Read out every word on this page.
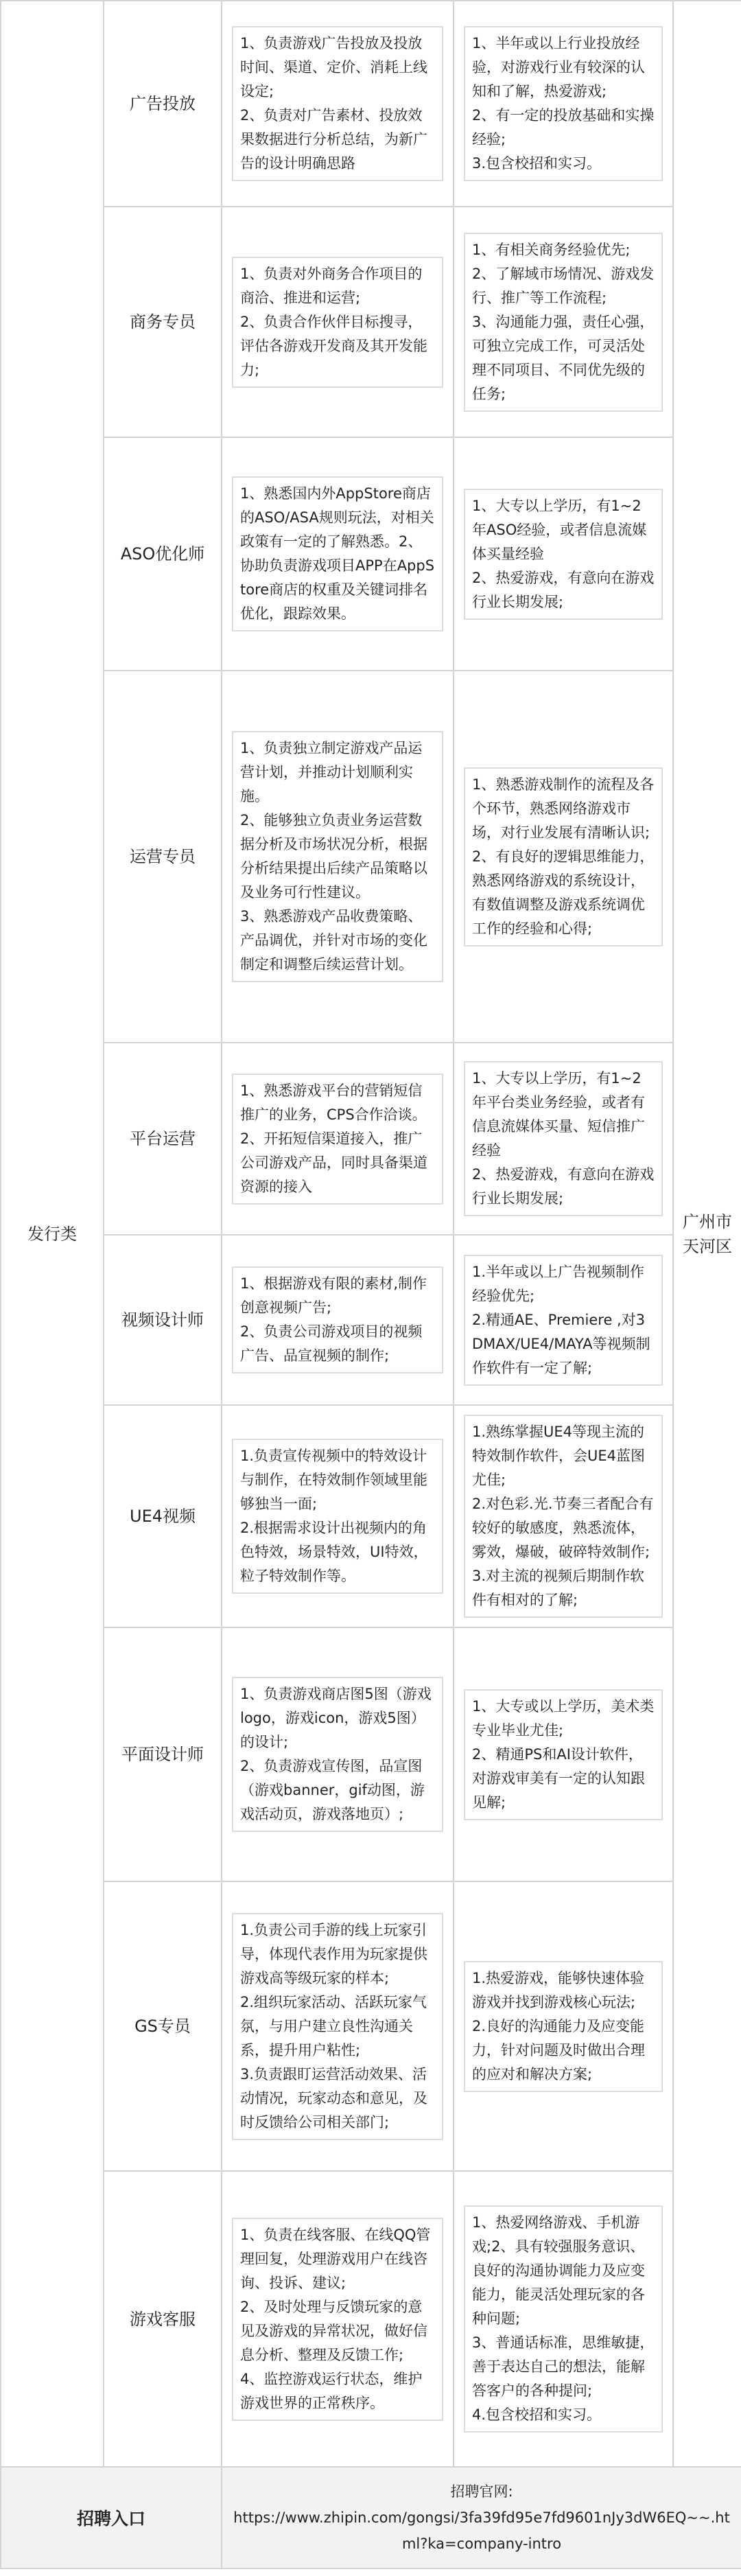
发行类	广告投放	1、负责游戏广告投放及投放时间、渠道、定价、消耗上线设定;
2、负责对广告素材、投放效果数据进行分析总结，为新广告的设计明确思路	1、半年或以上行业投放经验，对游戏行业有较深的认知和了解，热爱游戏;
2、有一定的投放基础和实操经验;
3.包含校招和实习。	广州市天河区
	商务专员	1、负责对外商务合作项目的商洽、推进和运营;
2、负责合作伙伴目标搜寻，评估各游戏开发商及其开发能力;	1、有相关商务经验优先;
2、了解域市场情况、游戏发行、推广等工作流程;
3、沟通能力强，责任心强，可独立完成工作，可灵活处理不同项目、不同优先级的任务;	

	ASO优化师	1、熟悉国内外AppStore商店的ASO/ASA规则玩法，对相关政策有一定的了解熟悉。2、协助负责游戏项目APP在AppStore商店的权重及关键词排名优化，跟踪效果。	1、大专以上学历，有1~2年ASO经验，或者信息流媒体买量经验
2、热爱游戏，有意向在游戏行业长期发展;	

	运营专员	1、负责独立制定游戏产品运营计划，并推动计划顺利实施。
2、能够独立负责业务运营数据分析及市场状况分析，根据分析结果提出后续产品策略以及业务可行性建议。
3、熟悉游戏产品收费策略、产品调优，并针对市场的变化制定和调整后续运营计划。	1、熟悉游戏制作的流程及各个环节，熟悉网络游戏市场，对行业发展有清晰认识;
2、有良好的逻辑思维能力，熟悉网络游戏的系统设计，有数值调整及游戏系统调优工作的经验和心得;	

	平台运营	1、熟悉游戏平台的营销短信推广的业务，CPS合作洽谈。
2、开拓短信渠道接入，推广公司游戏产品，同时具备渠道资源的接入	1、大专以上学历，有1~2年平台类业务经验，或者有信息流媒体买量、短信推广经验
2、热爱游戏，有意向在游戏行业长期发展;	

	视频设计师	1、根据游戏有限的素材,制作创意视频广告;
2、负责公司游戏项目的视频广告、品宣视频的制作;	1.半年或以上广告视频制作经验优先;
2.精通AE、Premiere ,对3DMAX/UE4/MAYA等视频制作软件有一定了解;	

	UE4视频	1.负责宣传视频中的特效设计与制作，在特效制作领域里能够独当一面;
2.根据需求设计出视频内的角色特效，场景特效，UI特效，粒子特效制作等。	1.熟练掌握UE4等现主流的特效制作软件，会UE4蓝图尤佳;
2.对色彩.光.节奏三者配合有较好的敏感度，熟悉流体，雾效，爆破，破碎特效制作;
3.对主流的视频后期制作软件有相对的了解;	

	平面设计师	1、负责游戏商店图5图（游戏logo，游戏icon，游戏5图）的设计;
2、负责游戏宣传图，品宣图（游戏banner，gif动图，游戏活动页，游戏落地页）;	1、大专或以上学历，美术类专业毕业尤佳;
2、精通PS和AI设计软件，对游戏审美有一定的认知跟见解;	

	GS专员	1.负责公司手游的线上玩家引导，体现代表作用为玩家提供游戏高等级玩家的样本;
2.组织玩家活动、活跃玩家气氛，与用户建立良性沟通关系，提升用户粘性;
3.负责跟盯运营活动效果、活动情况，玩家动态和意见，及时反馈给公司相关部门;	1.热爱游戏，能够快速体验游戏并找到游戏核心玩法;
2.良好的沟通能力及应变能力，针对问题及时做出合理的应对和解决方案;	

	游戏客服	1、负责在线客服、在线QQ管理回复，处理游戏用户在线咨询、投诉、建议;
2、及时处理与反馈玩家的意见及游戏的异常状况，做好信息分析、整理及反馈工作;
4、监控游戏运行状态，维护游戏世界的正常秩序。	1、热爱网络游戏、手机游戏;2、具有较强服务意识、良好的沟通协调能力及应变能力，能灵活处理玩家的各种问题;
3、普通话标准，思维敏捷，善于表达自己的想法，能解答客户的各种提问;
4.包含校招和实习。	

招聘入口		招聘官网:
https://www.zhipin.com/gongsi/3fa39fd95e7fd9601nJy3dW6EQ~~.html?ka=company-intro		
